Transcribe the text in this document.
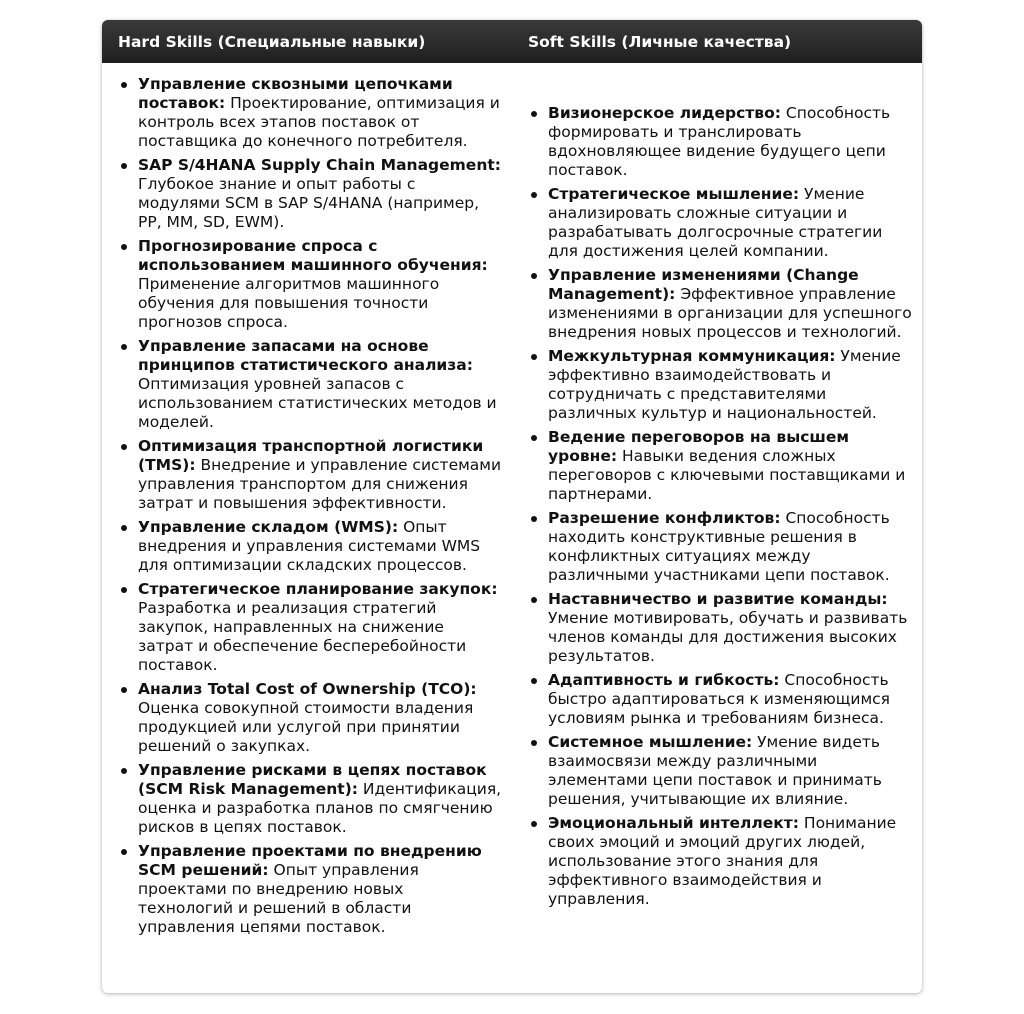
Hard Skills (Специальные навыки)	Soft Skills (Личные качества)
Управление сквозными цепочками поставок: Проектирование, оптимизация и контроль всех этапов поставок от поставщика до конечного потребителя.
SAP S/4HANA Supply Chain Management: Глубокое знание и опыт работы с модулями SCM в SAP S/4HANA (например, PP, MM, SD, EWM).
Прогнозирование спроса с использованием машинного обучения: Применение алгоритмов машинного обучения для повышения точности прогнозов спроса.
Управление запасами на основе принципов статистического анализа: Оптимизация уровней запасов с использованием статистических методов и моделей.
Оптимизация транспортной логистики (TMS): Внедрение и управление системами управления транспортом для снижения затрат и повышения эффективности.
Управление складом (WMS): Опыт внедрения и управления системами WMS для оптимизации складских процессов.
Стратегическое планирование закупок: Разработка и реализация стратегий закупок, направленных на снижение затрат и обеспечение бесперебойности поставок.
Анализ Total Cost of Ownership (TCO): Оценка совокупной стоимости владения продукцией или услугой при принятии решений о закупках.
Управление рисками в цепях поставок (SCM Risk Management): Идентификация, оценка и разработка планов по смягчению рисков в цепях поставок.
Управление проектами по внедрению SCM решений: Опыт управления проектами по внедрению новых технологий и решений в области управления цепями поставок.
Визионерское лидерство: Способность формировать и транслировать вдохновляющее видение будущего цепи поставок.
Стратегическое мышление: Умение анализировать сложные ситуации и разрабатывать долгосрочные стратегии для достижения целей компании.
Управление изменениями (Change Management): Эффективное управление изменениями в организации для успешного внедрения новых процессов и технологий.
Межкультурная коммуникация: Умение эффективно взаимодействовать и сотрудничать с представителями различных культур и национальностей.
Ведение переговоров на высшем уровне: Навыки ведения сложных переговоров с ключевыми поставщиками и партнерами.
Разрешение конфликтов: Способность находить конструктивные решения в конфликтных ситуациях между различными участниками цепи поставок.
Наставничество и развитие команды: Умение мотивировать, обучать и развивать членов команды для достижения высоких результатов.
Адаптивность и гибкость: Способность быстро адаптироваться к изменяющимся условиям рынка и требованиям бизнеса.
Системное мышление: Умение видеть взаимосвязи между различными элементами цепи поставок и принимать решения, учитывающие их влияние.
Эмоциональный интеллект: Понимание своих эмоций и эмоций других людей, использование этого знания для эффективного взаимодействия и управления.
